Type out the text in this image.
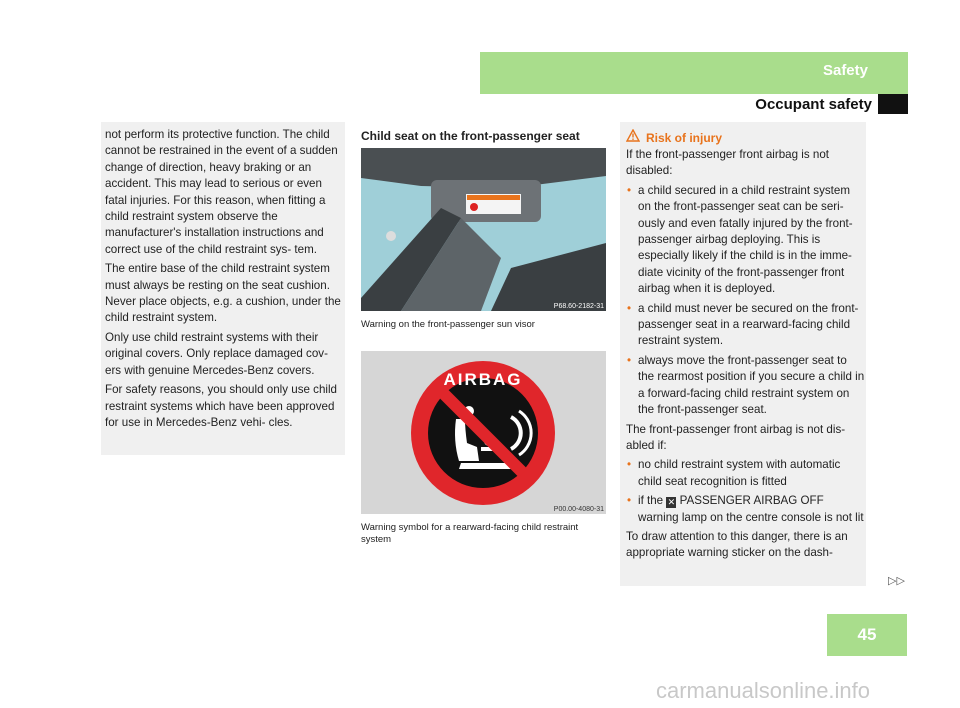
Safety
Occupant safety

not perform its protective function. The child cannot be restrained in the event of a sudden change of direction, heavy braking or an accident. This may lead to serious or even fatal injuries. For this reason, when fitting a child restraint system observe the manufacturer's installation instructions and correct use of the child restraint sys- tem.

The entire base of the child restraint system must always be resting on the seat cushion. Never place objects, e.g. a cushion, under the child restraint system.

Only use child restraint systems with their original covers. Only replace damaged cov- ers with genuine Mercedes-Benz covers.

For safety reasons, you should only use child restraint systems which have been approved for use in Mercedes-Benz vehi- cles.

Child seat on the front-passenger seat
P68.60-2182-31

Warning on the front-passenger sun visor

AIRBAG
P00.00-4080-31

Warning symbol for a rearward-facing child restraint system

Risk of injury

If the front-passenger front airbag is not disabled:

• a child secured in a child restraint system on the front-passenger seat can be seri- ously and even fatally injured by the front-passenger airbag deploying. This is especially likely if the child is in the imme- diate vicinity of the front-passenger front airbag when it is deployed.
• a child must never be secured on the front-passenger seat in a rearward-facing child restraint system.
• always move the front-passenger seat to the rearmost position if you secure a child in a forward-facing child restraint system on the front-passenger seat.

The front-passenger front airbag is not dis- abled if:

• no child restraint system with automatic child seat recognition is fitted
• if the ✕ PASSENGER AIRBAG OFF warning lamp on the centre console is not lit

To draw attention to this danger, there is an appropriate warning sticker on the dash-

▷▷
45
carmanualsonline.info
